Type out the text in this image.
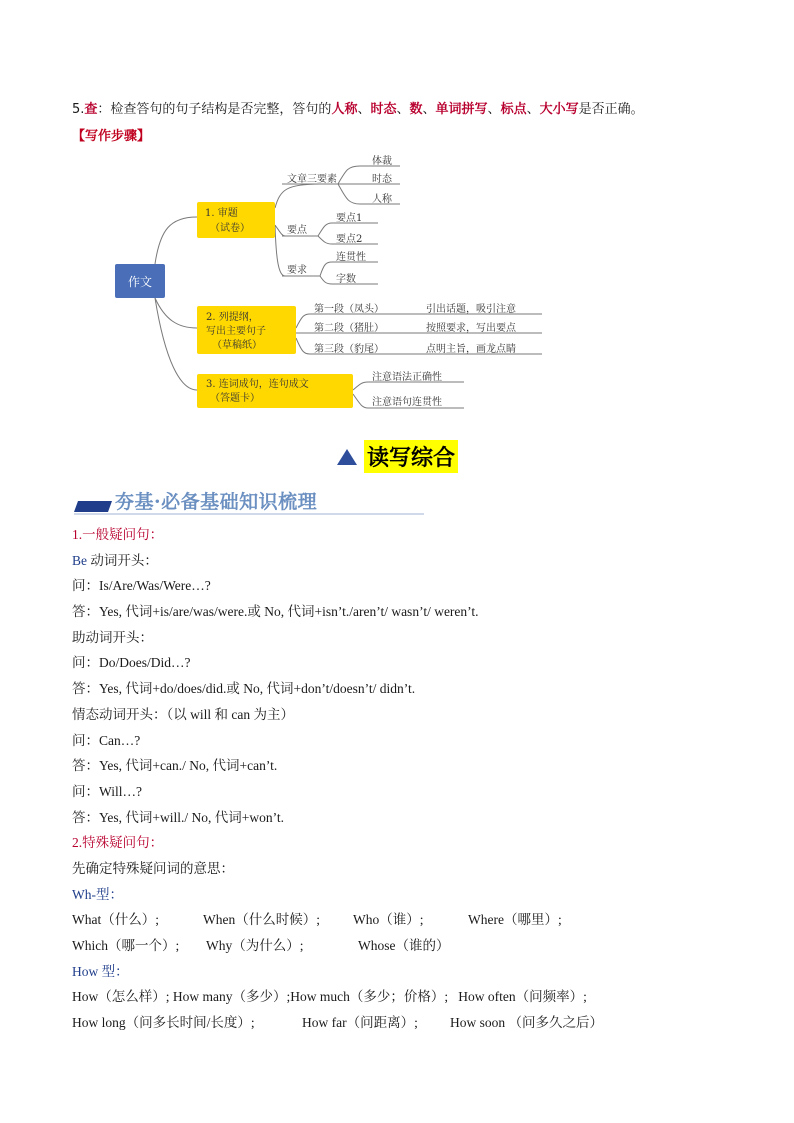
5.查：检查答句的句子结构是否完整，答句的人称、时态、数、单词拼写、标点、大小写是否正确。
【写作步骤】
作文
1. 审题
（试卷）
文章三要素
要点
要求
体裁
时态
人称
要点1
要点2
连贯性
字数
2. 列提纲，
写出主要句子
（草稿纸）
第一段（凤头）
第二段（猪肚）
第三段（豹尾）
引出话题，吸引注意
按照要求，写出要点
点明主旨，画龙点睛
3. 连词成句，连句成文
（答题卡）
注意语法正确性
注意语句连贯性
读写综合
夯基·必备基础知识梳理
1.一般疑问句：
Be 动词开头：
问：Is/Are/Was/Were…?
答：Yes, 代词+is/are/was/were.或 No, 代词+isn’t./aren’t/ wasn’t/ weren’t.
助动词开头：
问：Do/Does/Did…?
答：Yes, 代词+do/does/did.或 No, 代词+don’t/doesn’t/ didn’t.
情态动词开头：（以 will 和 can 为主）
问：Can…?
答：Yes, 代词+can./ No, 代词+can’t.
问：Will…?
答：Yes, 代词+will./ No, 代词+won’t.
2.特殊疑问句：
先确定特殊疑问词的意思：
Wh-型：
What（什么）;	When（什么时候）; Who（谁）;	Where（哪里）;
Which（哪一个）; Why（为什么）;	Whose（谁的）
How 型：
How（怎么样）; How many（多少）;How much（多少；价格）;   How often（问频率）;
How long（问多长时间/长度）;	How far（问距离）; How soon （问多久之后）
